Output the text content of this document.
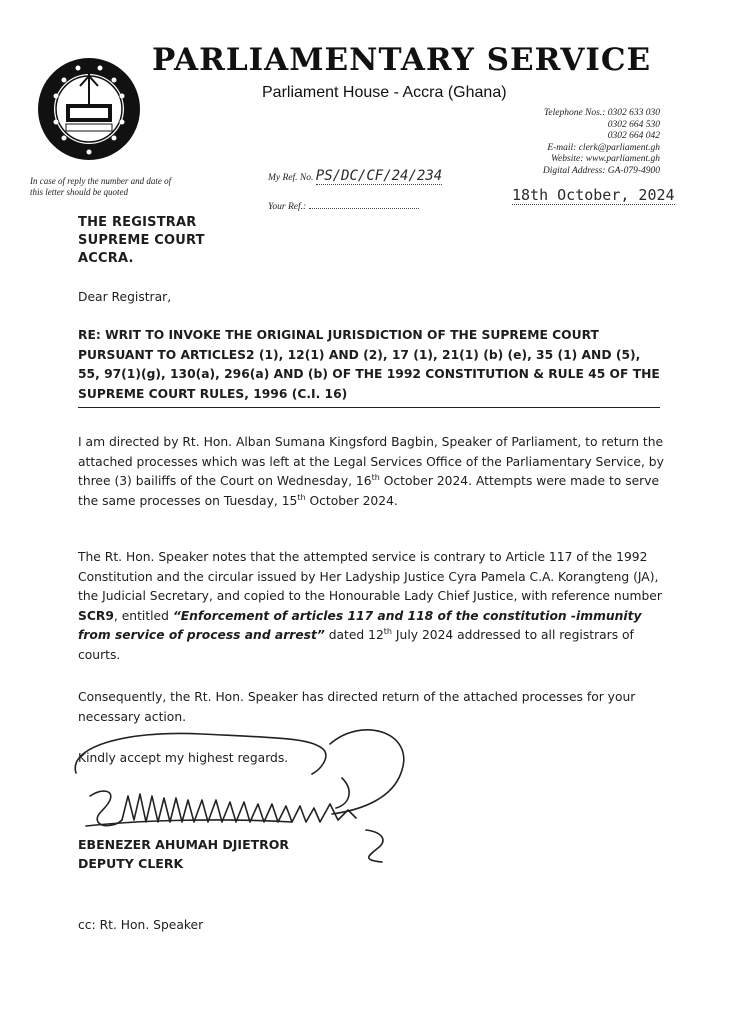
PARLIAMENTARY SERVICE
Parliament House - Accra (Ghana)
Telephone Nos.: 0302 633 030
0302 664 530
0302 664 042
E-mail: clerk@parliament.gh
Website: www.parliament.gh
Digital Address: GA-079-4900
In case of reply the number and date of this letter should be quoted
My Ref. No. PS/DC/CF/24/234
Your Ref.:
18th October, 2024
THE REGISTRAR
SUPREME COURT
ACCRA.
Dear Registrar,
RE: WRIT TO INVOKE THE ORIGINAL JURISDICTION OF THE SUPREME COURT PURSUANT TO ARTICLES2 (1), 12(1) AND (2), 17 (1), 21(1) (b) (e), 35 (1) AND (5), 55, 97(1)(g), 130(a), 296(a) AND (b) OF THE 1992 CONSTITUTION & RULE 45 OF THE SUPREME COURT RULES, 1996 (C.I. 16)
I am directed by Rt. Hon. Alban Sumana Kingsford Bagbin, Speaker of Parliament, to return the attached processes which was left at the Legal Services Office of the Parliamentary Service, by three (3) bailiffs of the Court on Wednesday, 16th October 2024. Attempts were made to serve the same processes on Tuesday, 15th October 2024.
The Rt. Hon. Speaker notes that the attempted service is contrary to Article 117 of the 1992 Constitution and the circular issued by Her Ladyship Justice Cyra Pamela C.A. Korangteng (JA), the Judicial Secretary, and copied to the Honourable Lady Chief Justice, with reference number SCR9, entitled “Enforcement of articles 117 and 118 of the constitution -immunity from service of process and arrest” dated 12th July 2024 addressed to all registrars of courts.
Consequently, the Rt. Hon. Speaker has directed return of the attached processes for your necessary action.
Kindly accept my highest regards.
EBENEZER AHUMAH DJIETROR
DEPUTY CLERK
cc: Rt. Hon. Speaker
